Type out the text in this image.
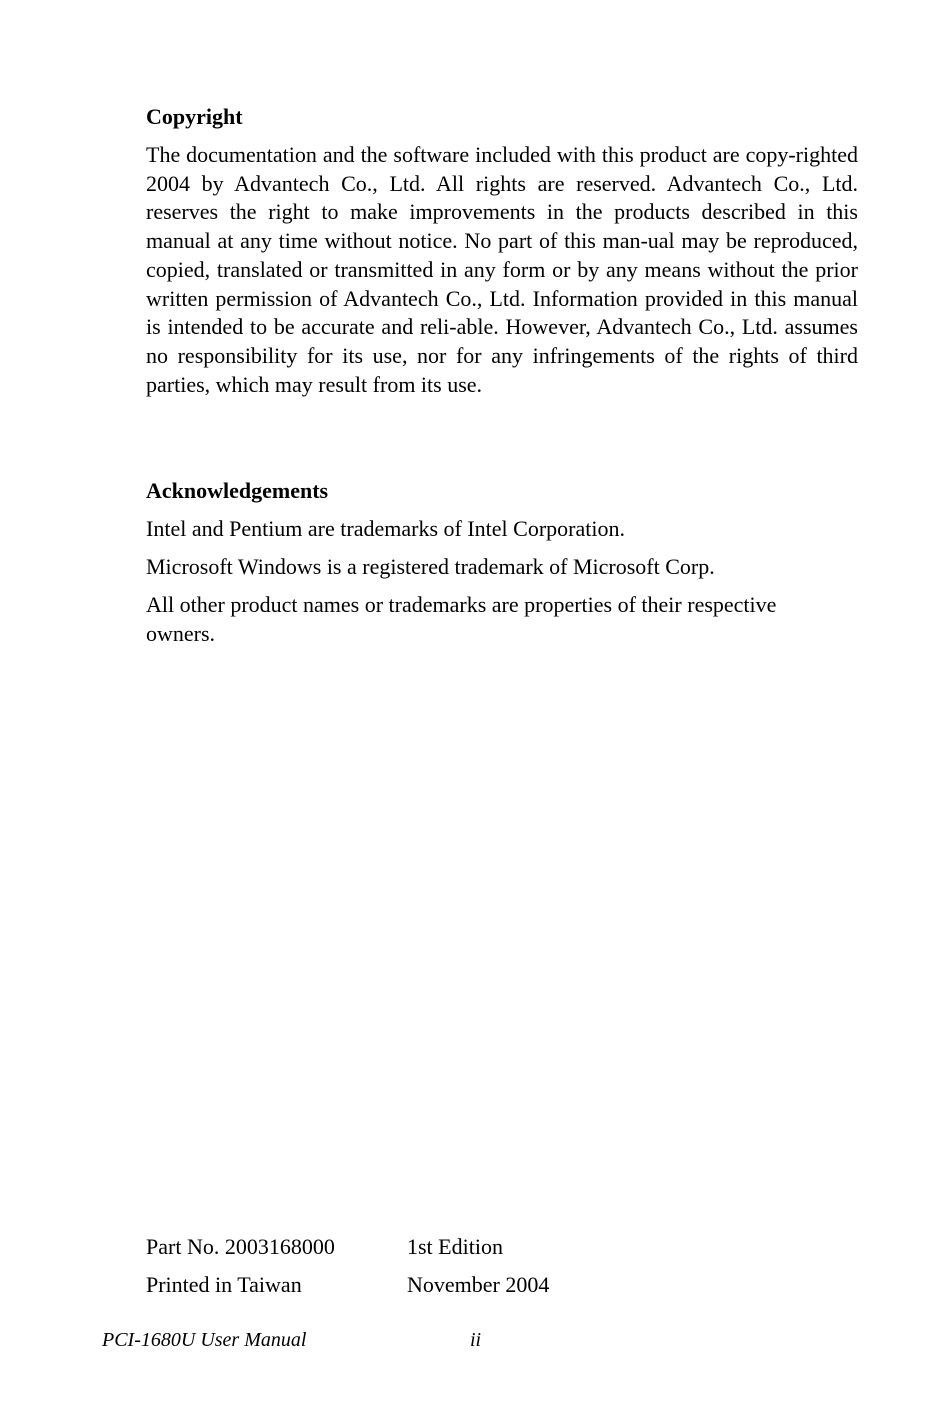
Copyright

The documentation and the software included with this product are copy-righted 2004 by Advantech Co., Ltd. All rights are reserved. Advantech Co., Ltd. reserves the right to make improvements in the products described in this manual at any time without notice. No part of this man-ual may be reproduced, copied, translated or transmitted in any form or by any means without the prior written permission of Advantech Co., Ltd. Information provided in this manual is intended to be accurate and reli-able. However, Advantech Co., Ltd. assumes no responsibility for its use, nor for any infringements of the rights of third parties, which may result from its use.

Acknowledgements

Intel and Pentium are trademarks of Intel Corporation.

Microsoft Windows is a registered trademark of Microsoft Corp.

All other product names or trademarks are properties of their respective owners.

Part No. 2003168000	1st Edition
Printed in Taiwan	November 2004
PCI-1680U User Manual	ii
